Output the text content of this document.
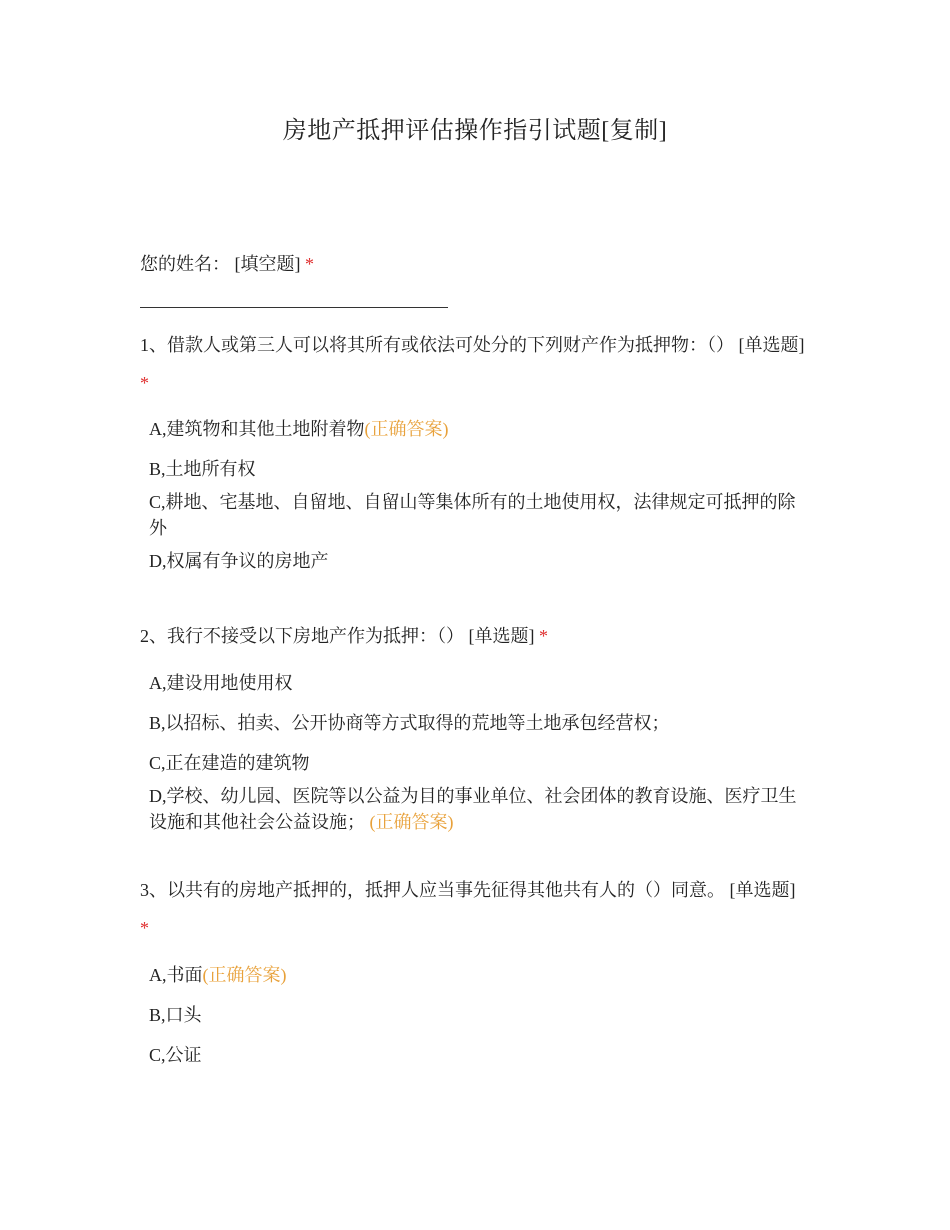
房地产抵押评估操作指引试题[复制]
您的姓名： [填空题] *
1、借款人或第三人可以将其所有或依法可处分的下列财产作为抵押物：（） [单选题] *
A,建筑物和其他土地附着物(正确答案)
B,土地所有权
C,耕地、宅基地、自留地、自留山等集体所有的土地使用权，法律规定可抵押的除外
D,权属有争议的房地产
2、我行不接受以下房地产作为抵押：（） [单选题] *
A,建设用地使用权
B,以招标、拍卖、公开协商等方式取得的荒地等土地承包经营权；
C,正在建造的建筑物
D,学校、幼儿园、医院等以公益为目的事业单位、社会团体的教育设施、医疗卫生设施和其他社会公益设施； (正确答案)
3、以共有的房地产抵押的，抵押人应当事先征得其他共有人的（）同意。 [单选题] *
A,书面(正确答案)
B,口头
C,公证
